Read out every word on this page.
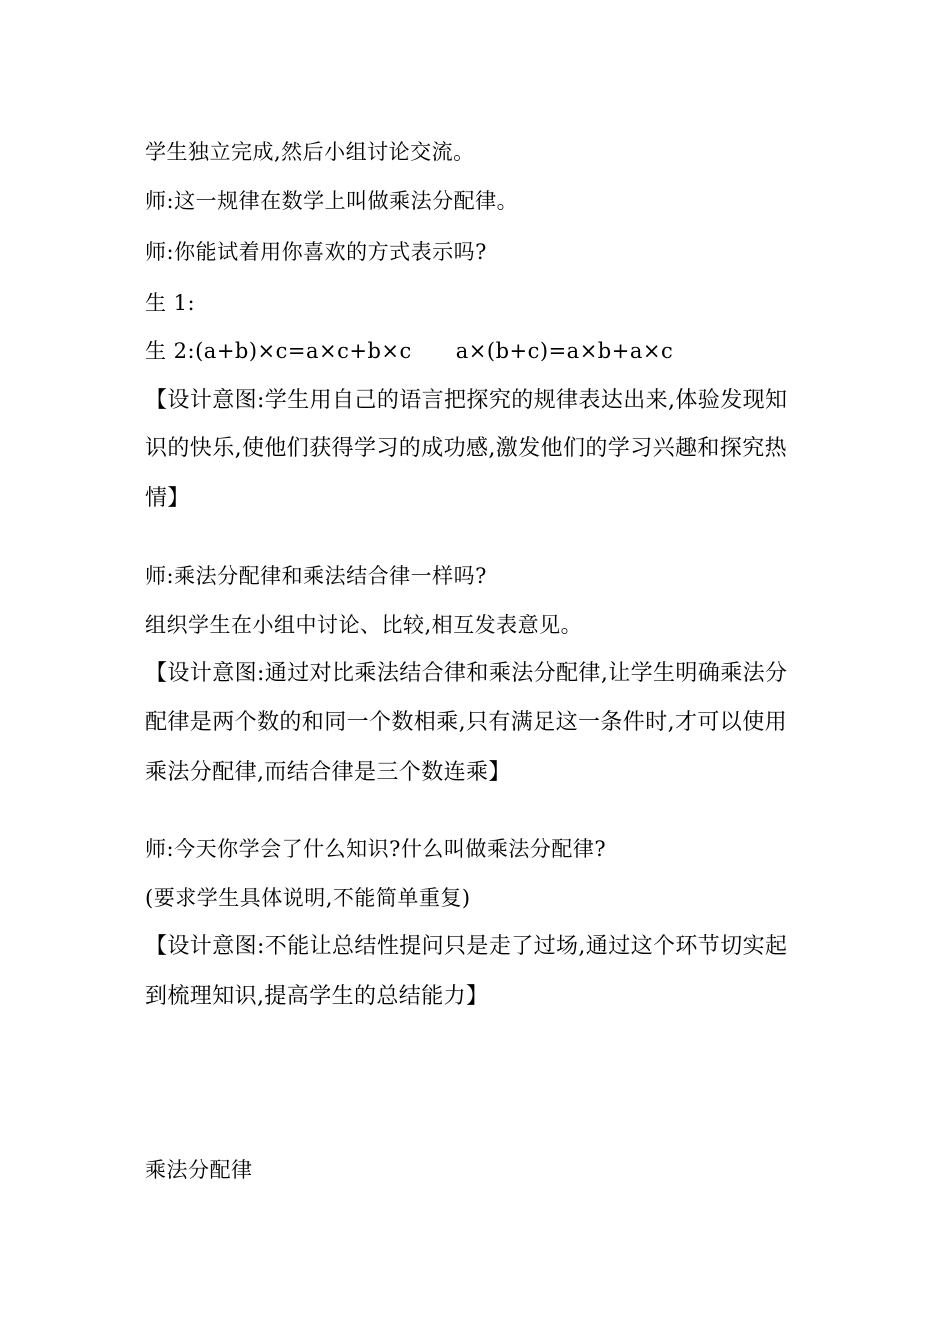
学生独立完成,然后小组讨论交流。
师:这一规律在数学上叫做乘法分配律。
师:你能试着用你喜欢的方式表示吗?
生 1:
生 2:(a+b)×c=a×c+b×c a×(b+c)=a×b+a×c
【设计意图:学生用自己的语言把探究的规律表达出来,体验发现知
识的快乐,使他们获得学习的成功感,激发他们的学习兴趣和探究热
情】
师:乘法分配律和乘法结合律一样吗?
组织学生在小组中讨论、比较,相互发表意见。
【设计意图:通过对比乘法结合律和乘法分配律,让学生明确乘法分
配律是两个数的和同一个数相乘,只有满足这一条件时,才可以使用
乘法分配律,而结合律是三个数连乘】
师:今天你学会了什么知识?什么叫做乘法分配律?
(要求学生具体说明,不能简单重复)
【设计意图:不能让总结性提问只是走了过场,通过这个环节切实起
到梳理知识,提高学生的总结能力】
乘法分配律
